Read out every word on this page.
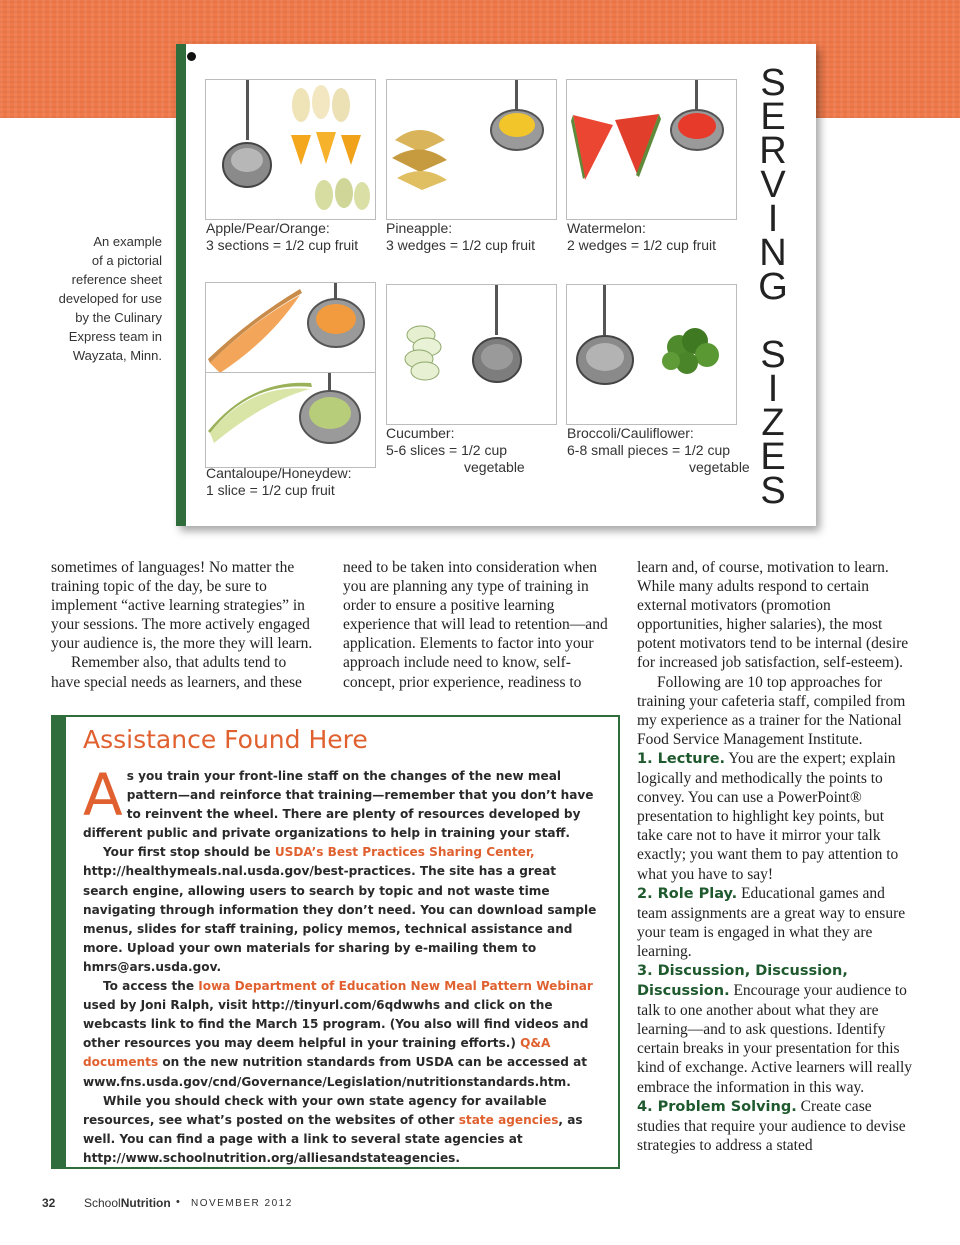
Apple/Pear/Orange:
3 sections = 1/2 cup fruit
Pineapple:
3 wedges = 1/2 cup fruit
Watermelon:
2 wedges = 1/2 cup fruit
Cantaloupe/Honeydew:
1 slice = 1/2 cup fruit
Cucumber:
5-6 slices = 1/2 cup
vegetable
Broccoli/Cauliflower:
6-8 small pieces = 1/2 cup
vegetable
S
E
R
V
I
N
G

S
I
Z
E
S
An example
of a pictorial
reference sheet
developed for use
by the Culinary
Express team in
Wayzata, Minn.

sometimes of languages! No matter the training topic of the day, be sure to implement “active learning strategies” in your sessions. The more actively engaged your audience is, the more they will learn.

Remember also, that adults tend to have special needs as learners, and these

need to be taken into consideration when you are planning any type of training in order to ensure a positive learning experience that will lead to retention—and application. Elements to factor into your approach include need to know, self-concept, prior experience, readiness to

learn and, of course, motivation to learn. While many adults respond to certain external motivators (promotion opportunities, higher salaries), the most potent motivators tend to be internal (desire for increased job satisfaction, self-esteem).

Following are 10 top approaches for training your cafeteria staff, compiled from my experience as a trainer for the National Food Service Management Institute.

1. Lecture. You are the expert; explain logically and methodically the points to convey. You can use a PowerPoint® presentation to highlight key points, but take care not to have it mirror your talk exactly; you want them to pay attention to what you have to say!

2. Role Play. Educational games and team assignments are a great way to ensure your team is engaged in what they are learning.

3. Discussion, Discussion, Discussion. Encourage your audience to talk to one another about what they are learning—and to ask questions. Identify certain breaks in your presentation for this kind of exchange. Active learners will really embrace the information in this way.

4. Problem Solving. Create case studies that require your audience to devise strategies to address a stated

Assistance Found Here

As you train your front-line staff on the changes of the new meal pattern—and reinforce that training—remember that you don’t have to reinvent the wheel. There are plenty of resources developed by different public and private organizations to help in training your staff.

Your first stop should be USDA’s Best Practices Sharing Center, http://healthymeals.nal.usda.gov/best-practices. The site has a great search engine, allowing users to search by topic and not waste time navigating through information they don’t need. You can download sample menus, slides for staff training, policy memos, technical assistance and more. Upload your own materials for sharing by e-mailing them to hmrs@ars.usda.gov.

To access the Iowa Department of Education New Meal Pattern Webinar used by Joni Ralph, visit http://tinyurl.com/6qdwwhs and click on the webcasts link to find the March 15 program. (You also will find videos and other resources you may deem helpful in your training efforts.) Q&A documents on the new nutrition standards from USDA can be accessed at www.fns.usda.gov/cnd/Governance/Legislation/nutritionstandards.htm.

While you should check with your own state agency for available resources, see what’s posted on the websites of other state agencies, as well. You can find a page with a link to several state agencies at http://www.schoolnutrition.org/alliesandstateagencies.

32 SchoolNutrition • NOVEMBER 2012
